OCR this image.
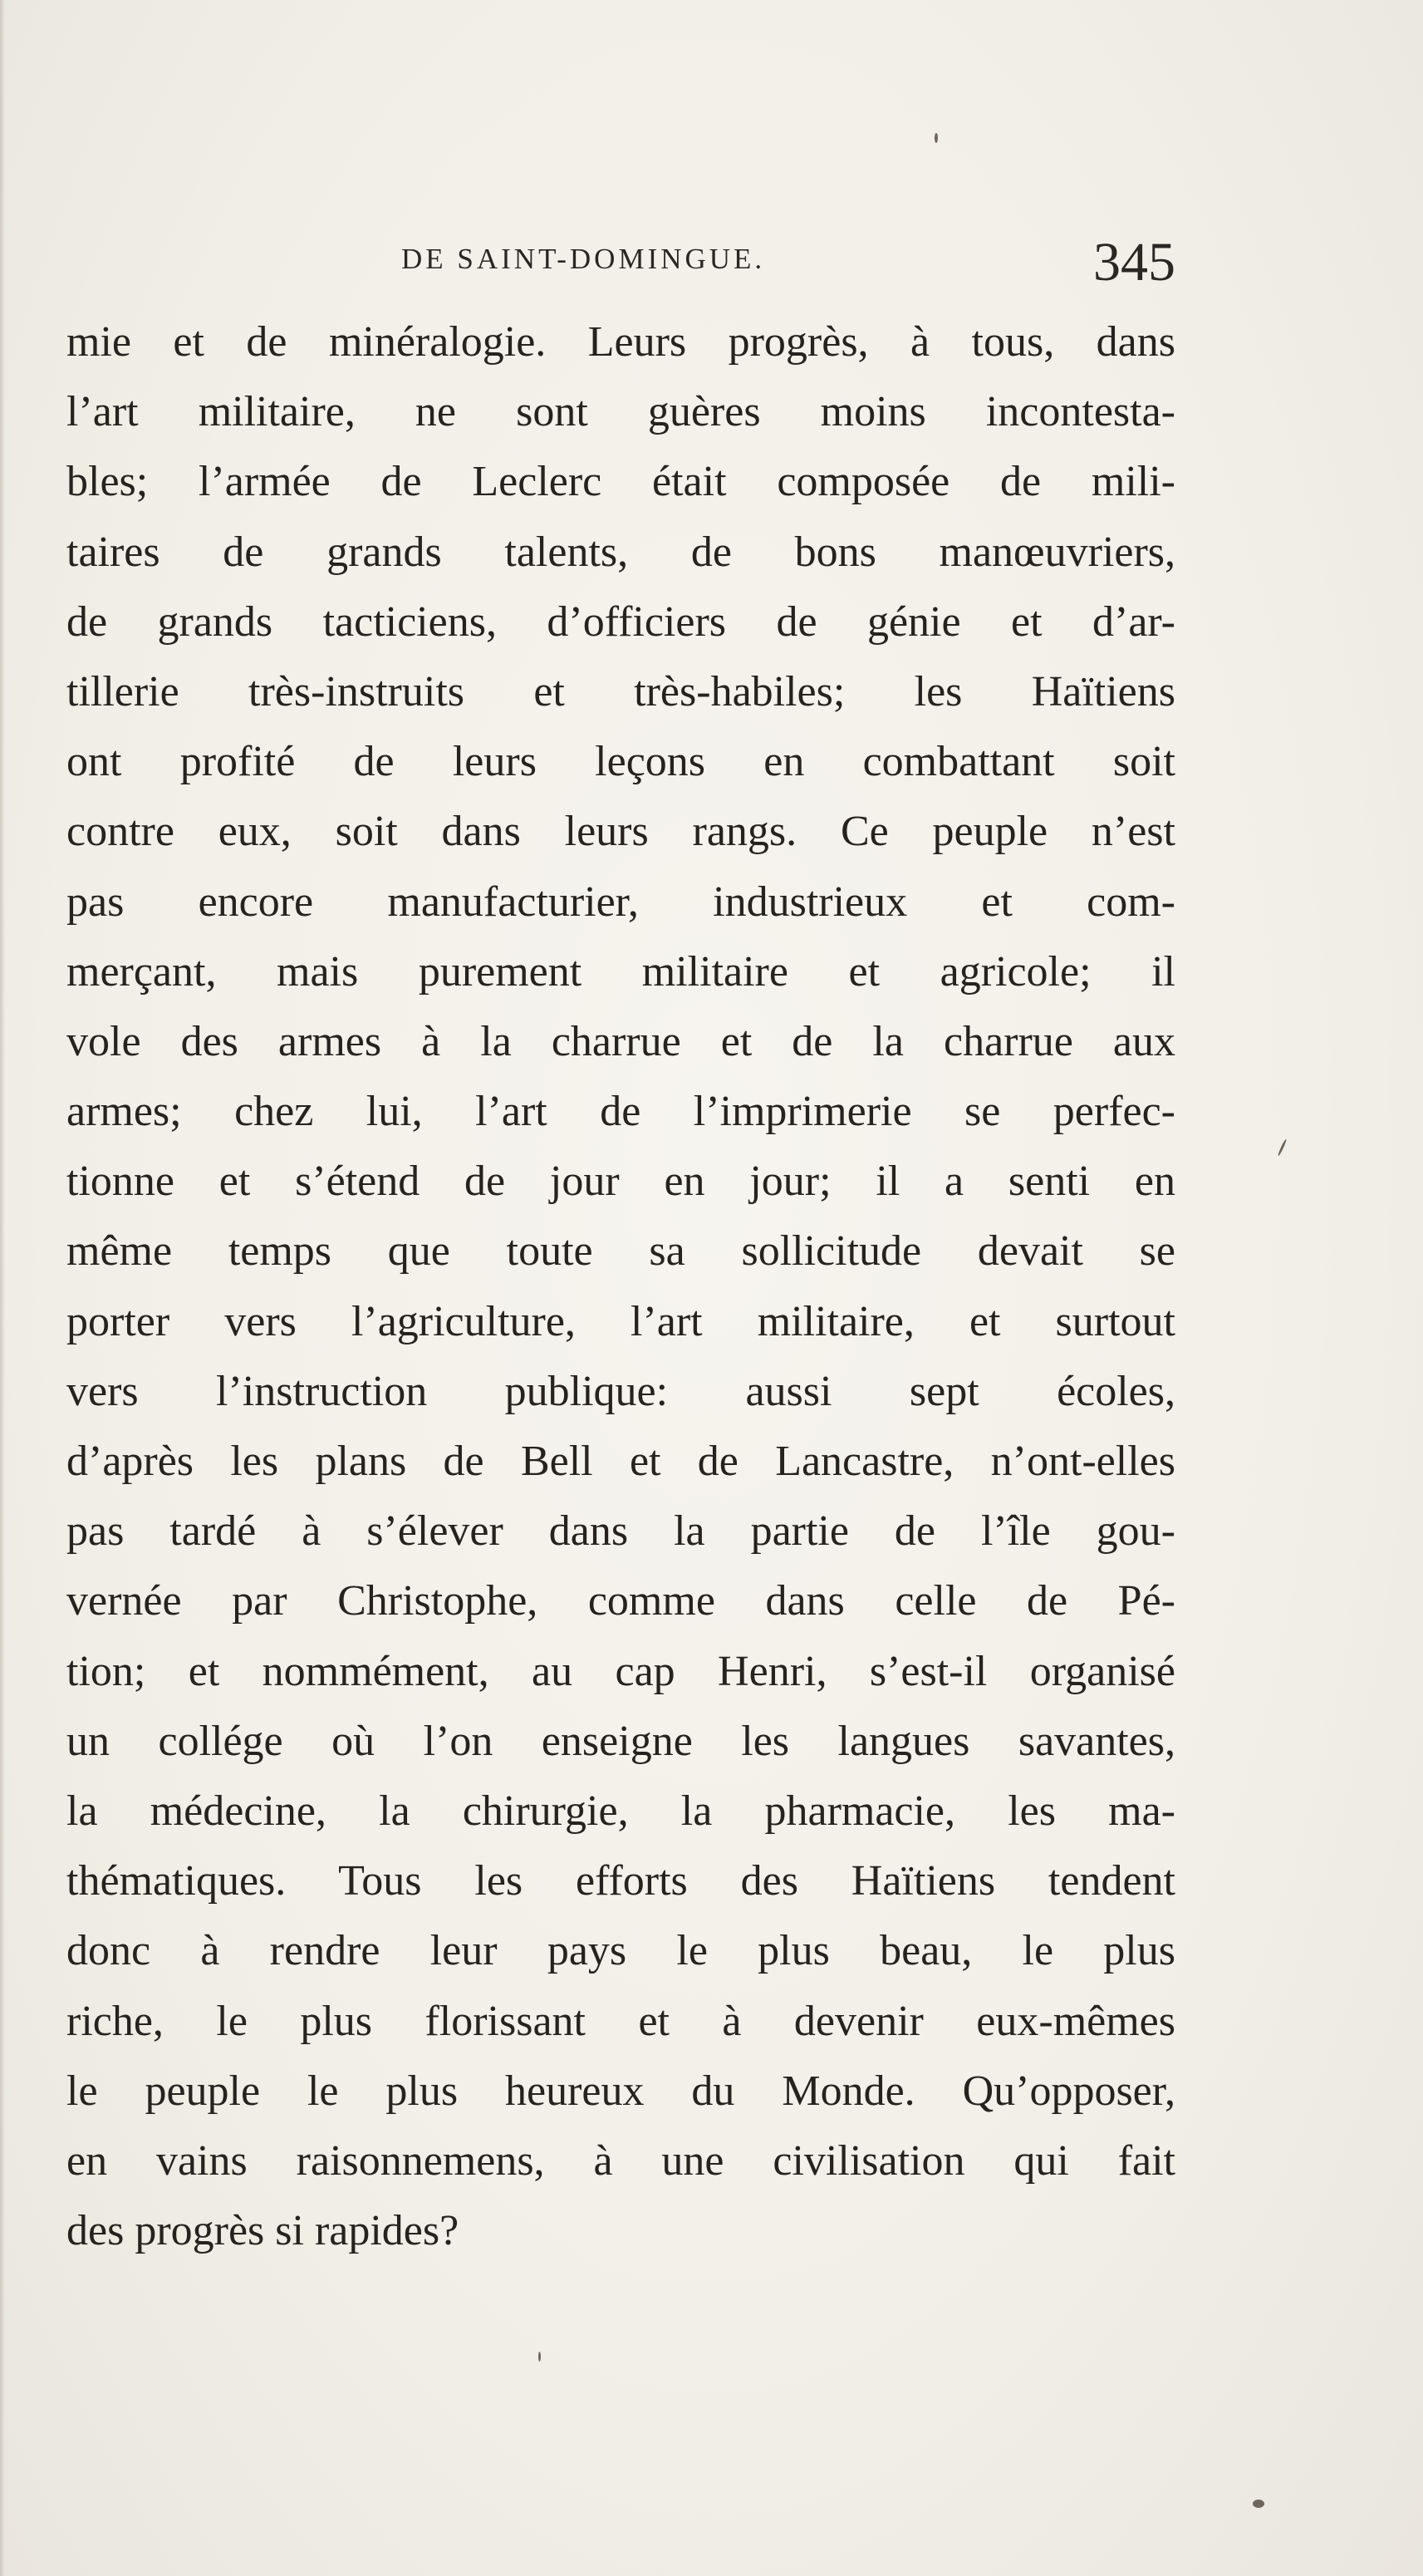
DE SAINT-DOMINGUE.	345
mie et de minéralogie. Leurs progrès, à tous, dans
l’art militaire, ne sont guères moins incontesta-
bles; l’armée de Leclerc était composée de mili-
taires de grands talents, de bons manœuvriers,
de grands tacticiens, d’officiers de génie et d’ar-
tillerie très-instruits et très-habiles; les Haïtiens
ont profité de leurs leçons en combattant soit
contre eux, soit dans leurs rangs. Ce peuple n’est
pas encore manufacturier, industrieux et com-
merçant, mais purement militaire et agricole; il
vole des armes à la charrue et de la charrue aux
armes; chez lui, l’art de l’imprimerie se perfec-
tionne et s’étend de jour en jour; il a senti en
même temps que toute sa sollicitude devait se
porter vers l’agriculture, l’art militaire, et surtout
vers l’instruction publique: aussi sept écoles,
d’après les plans de Bell et de Lancastre, n’ont-elles
pas tardé à s’élever dans la partie de l’île gou-
vernée par Christophe, comme dans celle de Pé-
tion; et nommément, au cap Henri, s’est-il organisé
un collége où l’on enseigne les langues savantes,
la médecine, la chirurgie, la pharmacie, les ma-
thématiques. Tous les efforts des Haïtiens tendent
donc à rendre leur pays le plus beau, le plus
riche, le plus florissant et à devenir eux-mêmes
le peuple le plus heureux du Monde. Qu’opposer,
en vains raisonnemens, à une civilisation qui fait
des progrès si rapides?
